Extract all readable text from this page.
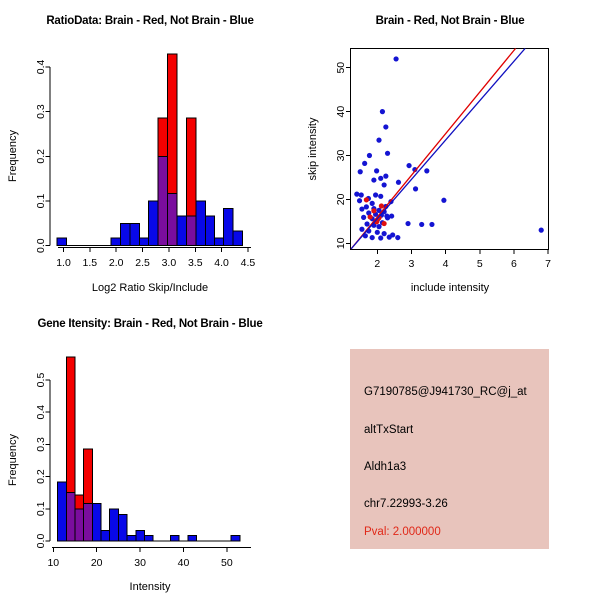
1.0 1.5 2.0 2.5 3.0 3.5 4.0 4.5
0.0
0.1
0.2
0.3
0.4
10	20	30	40	50
0.0
0.1
0.2
0.3
0.4
0.5
2	3	4	5	6	7
10
20
30
40
50
RatioData: Brain - Red, Not Brain - Blue	Brain - Red, Not Brain - Blue
Gene Itensity: Brain - Red, Not Brain - Blue
Log2 Ratio Skip/Include	include intensity
Intensity
Frequency	skip intensity
Frequency
G7190785@J941730_RC@j_at
altTxStart
Aldh1a3
chr7.22993-3.26
Pval: 2.000000
